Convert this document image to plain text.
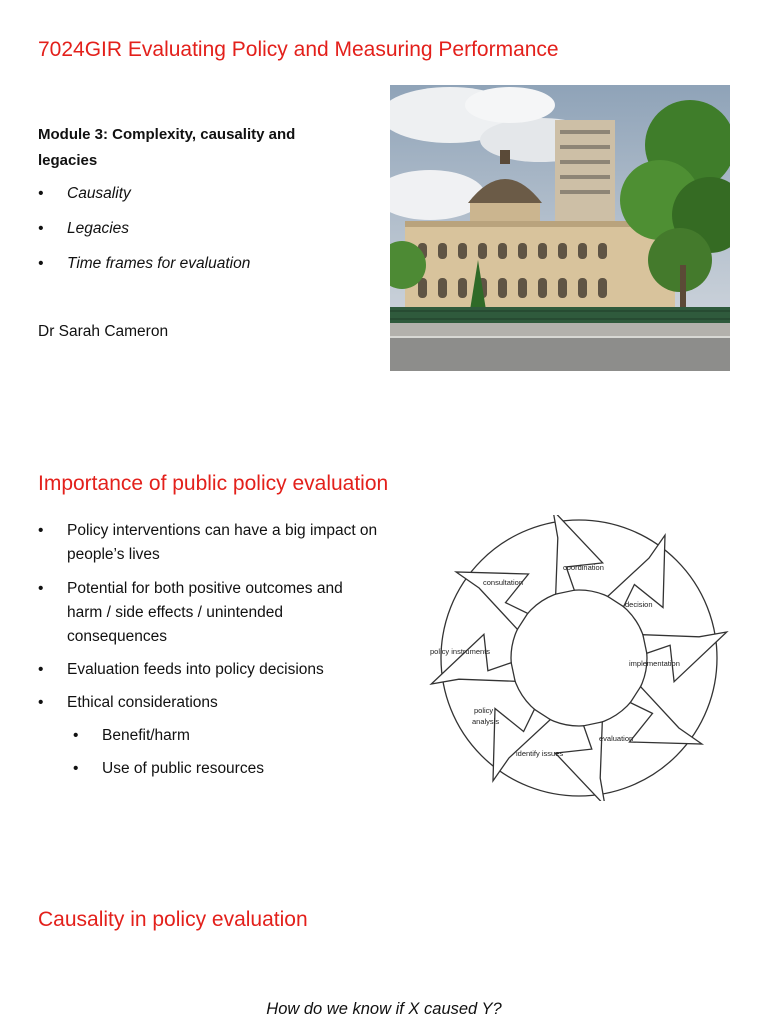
7024GIR Evaluating Policy and Measuring Performance

Module 3: Complexity, causality and legacies

• Causality
• Legacies
• Time frames for evaluation

Dr Sarah Cameron

Importance of public policy evaluation
• Policy interventions can have a big impact on people’s lives
• Potential for both positive outcomes and harm / side effects / unintended consequences
• Evaluation feeds into policy decisions
• Ethical considerations
• Benefit/harm
• Use of public resources
coordination
consultation
decision
policy instruments
implementation
policy
analysis
evaluation
identify issues
Causality in policy evaluation

How do we know if X caused Y?
